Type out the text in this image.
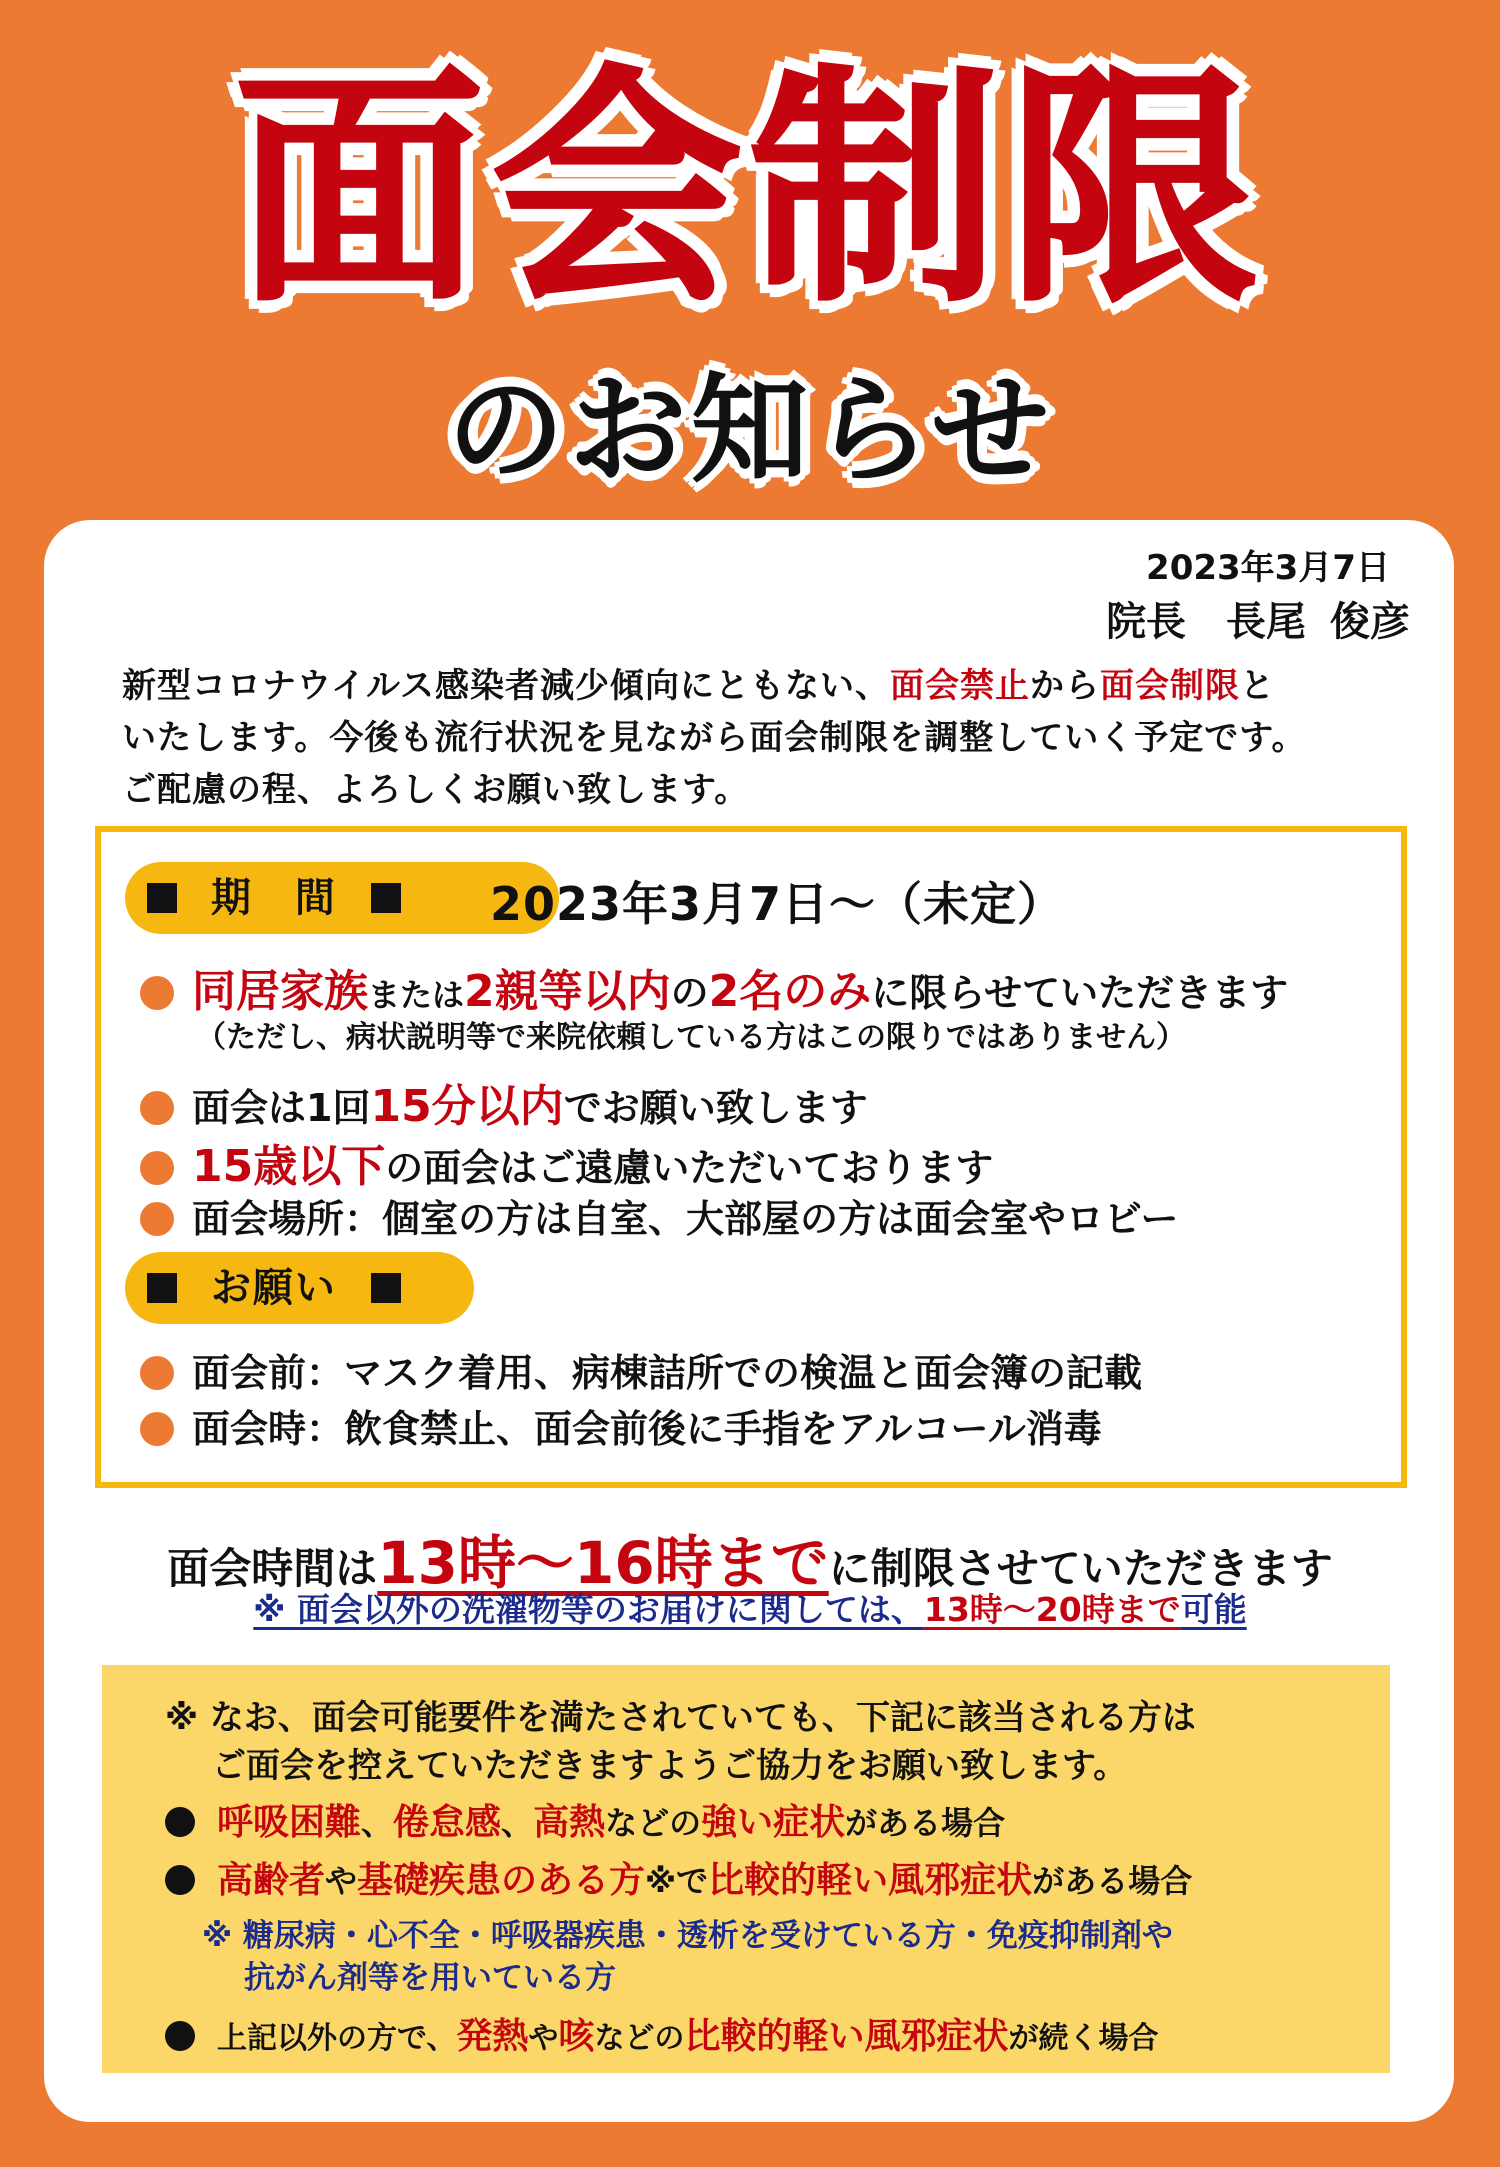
面会制限
のお知らせ
2023年3月7日
院長　長尾 俊彦
新型コロナウイルス感染者減少傾向にともない、面会禁止から面会制限と
いたします。今後も流行状況を見ながら面会制限を調整していく予定です。
ご配慮の程、よろしくお願い致します。
期　間	2023年3月7日～（未定）
同居家族または2親等以内の2名のみに限らせていただきます
（ただし、病状説明等で来院依頼している方はこの限りではありません）
面会は1回15分以内でお願い致します
15歳以下の面会はご遠慮いただいております
面会場所：個室の方は自室、大部屋の方は面会室やロビー
お願い
面会前：マスク着用、病棟詰所での検温と面会簿の記載
面会時：飲食禁止、面会前後に手指をアルコール消毒
面会時間は13時～16時までに制限させていただきます
※ 面会以外の洗濯物等のお届けに関しては、13時～20時まで可能
※ なお、面会可能要件を満たされていても、下記に該当される方は
ご面会を控えていただきますようご協力をお願い致します。
呼吸困難、倦怠感、高熱などの強い症状がある場合
高齢者や基礎疾患のある方※で比較的軽い風邪症状がある場合
※ 糖尿病・心不全・呼吸器疾患・透析を受けている方・免疫抑制剤や
抗がん剤等を用いている方
上記以外の方で、発熱や咳などの比較的軽い風邪症状が続く場合
